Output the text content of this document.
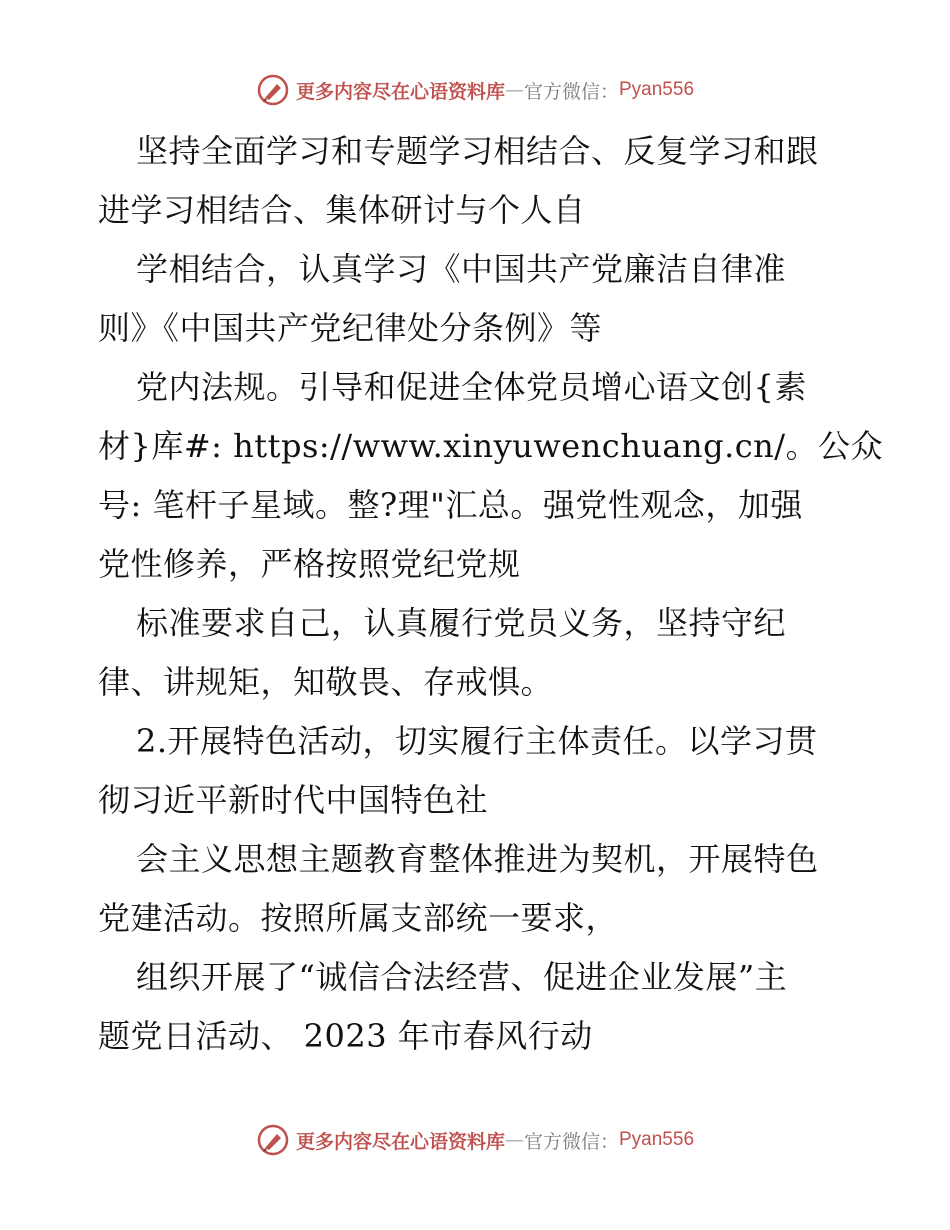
更多内容尽在心语资料库 — 官方微信： Pyan556
坚持全面学习和专题学习相结合、反复学习和跟
进学习相结合、集体研讨与个人自
学相结合，认真学习《中国共产党廉洁自律准
则》《中国共产党纪律处分条例》等
党内法规。引导和促进全体党员增心语文创{素
材}库#: https://www.xinyuwenchuang.cn/。公众
号: 笔杆子星域。整?理"汇总。强党性观念，加强
党性修养，严格按照党纪党规
标准要求自己，认真履行党员义务，坚持守纪
律、讲规矩，知敬畏、存戒惧。
2.开展特色活动，切实履行主体责任。以学习贯
彻习近平新时代中国特色社
会主义思想主题教育整体推进为契机，开展特色
党建活动。按照所属支部统一要求，
组织开展了“诚信合法经营、促进企业发展”主
题党日活动、 2023 年市春风行动
更多内容尽在心语资料库 — 官方微信： Pyan556
